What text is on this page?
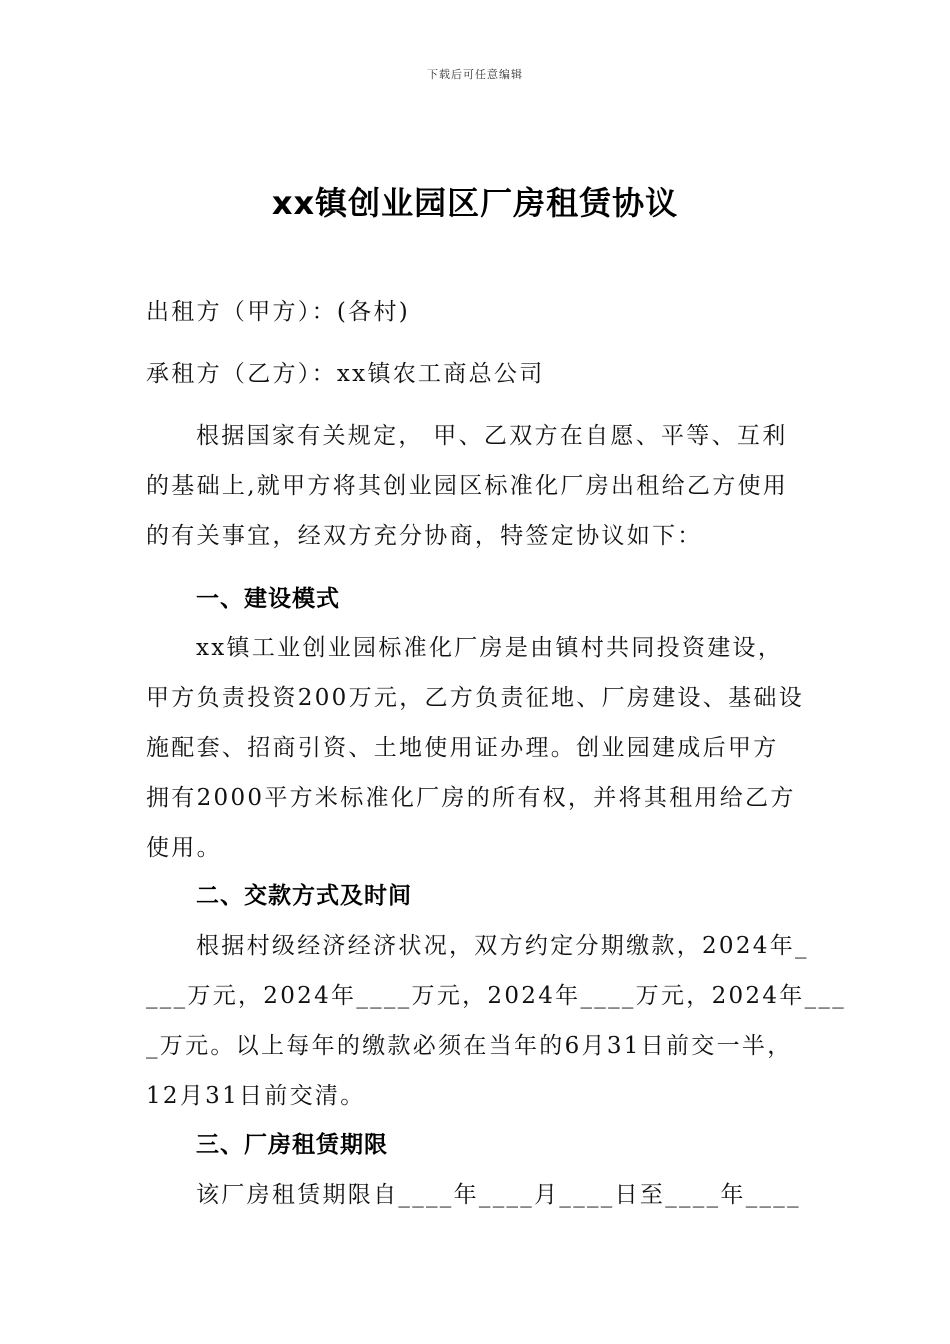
下载后可任意编辑
xx镇创业园区厂房租赁协议
出租方（甲方）：(各村)
承租方（乙方）：xx镇农工商总公司
根据国家有关规定， 甲、乙双方在自愿、平等、互利
的基础上,就甲方将其创业园区标准化厂房出租给乙方使用
的有关事宜，经双方充分协商，特签定协议如下：
一、建设模式
xx镇工业创业园标准化厂房是由镇村共同投资建设，
甲方负责投资200万元，乙方负责征地、厂房建设、基础设
施配套、招商引资、土地使用证办理。创业园建成后甲方
拥有2000平方米标准化厂房的所有权，并将其租用给乙方
使用。
二、交款方式及时间
根据村级经济经济状况，双方约定分期缴款，2024年_
___万元，2024年____万元，2024年____万元，2024年___
_万元。以上每年的缴款必须在当年的6月31日前交一半，
12月31日前交清。
三、厂房租赁期限
该厂房租赁期限自____年____月____日至____年____
